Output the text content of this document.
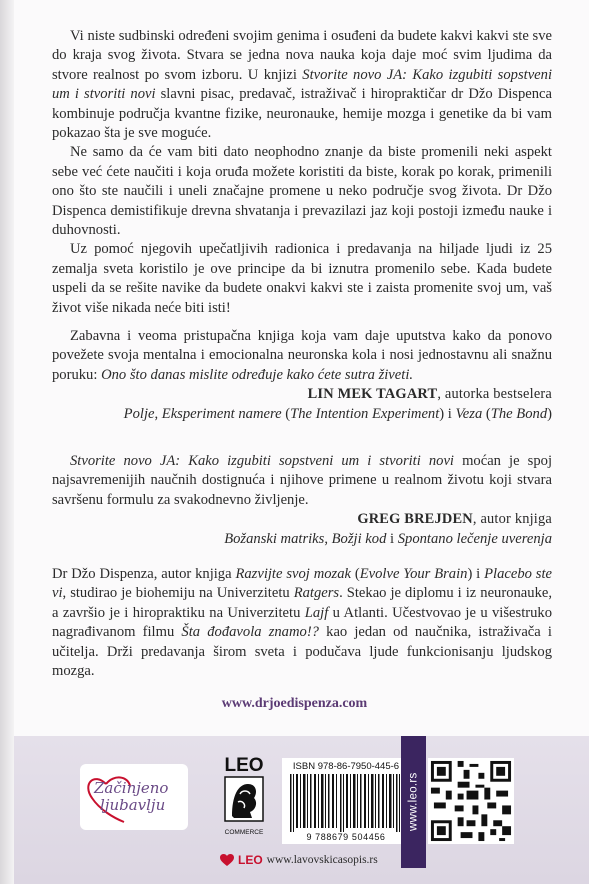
Vi niste sudbinski određeni svojim genima i osuđeni da budete kakvi kakvi ste sve do kraja svog života. Stvara se jedna nova nauka koja daje moć svim ljudima da stvore realnost po svom izboru. U knjizi Stvorite novo JA: Kako izgubiti sopstveni um i stvoriti novi slavni pisac, predavač, istraživač i hiropraktičar dr Džo Dispenca kombinuje područja kvantne fizike, neuronauke, hemije mozga i genetike da bi vam pokazao šta je sve moguće.

Ne samo da će vam biti dato neophodno znanje da biste promenili neki aspekt sebe već ćete naučiti i koja oruđa možete koristiti da biste, korak po korak, primenili ono što ste naučili i uneli značajne promene u neko područje svog života. Dr Džo Dispenca demistifikuje drevna shvatanja i prevazilazi jaz koji postoji između nauke i duhovnosti.

Uz pomoć njegovih upečatljivih radionica i predavanja na hiljade ljudi iz 25 zemalja sveta koristilo je ove principe da bi iznutra promenilo sebe. Kada budete uspeli da se rešite navike da budete onakvi kakvi ste i zaista promenite svoj um, vaš život više nikada neće biti isti!

Zabavna i veoma pristupačna knjiga koja vam daje uputstva kako da ponovo povežete svoja mentalna i emocionalna neuronska kola i nosi jednostavnu ali snažnu poruku: Ono što danas mislite određuje kako ćete sutra živeti.

LIN MEK TAGART, autorka bestselera
Polje, Eksperiment namere (The Intention Experiment) i Veza (The Bond)

Stvorite novo JA: Kako izgubiti sopstveni um i stvoriti novi moćan je spoj najsavremenijih naučnih dostignuća i njihove primene u realnom životu koji stvara savršenu formulu za svakodnevno življenje.

GREG BREJDEN, autor knjiga
Božanski matriks, Božji kod i Spontano lečenje uverenja

Dr Džo Dispenza, autor knjiga Razvijte svoj mozak (Evolve Your Brain) i Placebo ste vi, studirao je biohemiju na Univerzitetu Ratgers. Stekao je diplomu i iz neuronauke, a završio je i hiropraktiku na Univerzitetu Lajf u Atlanti. Učestvovao je u višestruko nagrađivanom filmu Šta đođavola znamo!? kao jedan od naučnika, istraživača i učitelja. Drži predavanja širom sveta i podučava ljude funkcionisanju ljudskog mozga.

www.drjoedispenza.com
Začinjeno
ljubavlju
LEO
COMMERCE
ISBN 978-86-7950-445-6
9 788679 504456
www.leo.rs
LEO www.lavovskicasopis.rs
